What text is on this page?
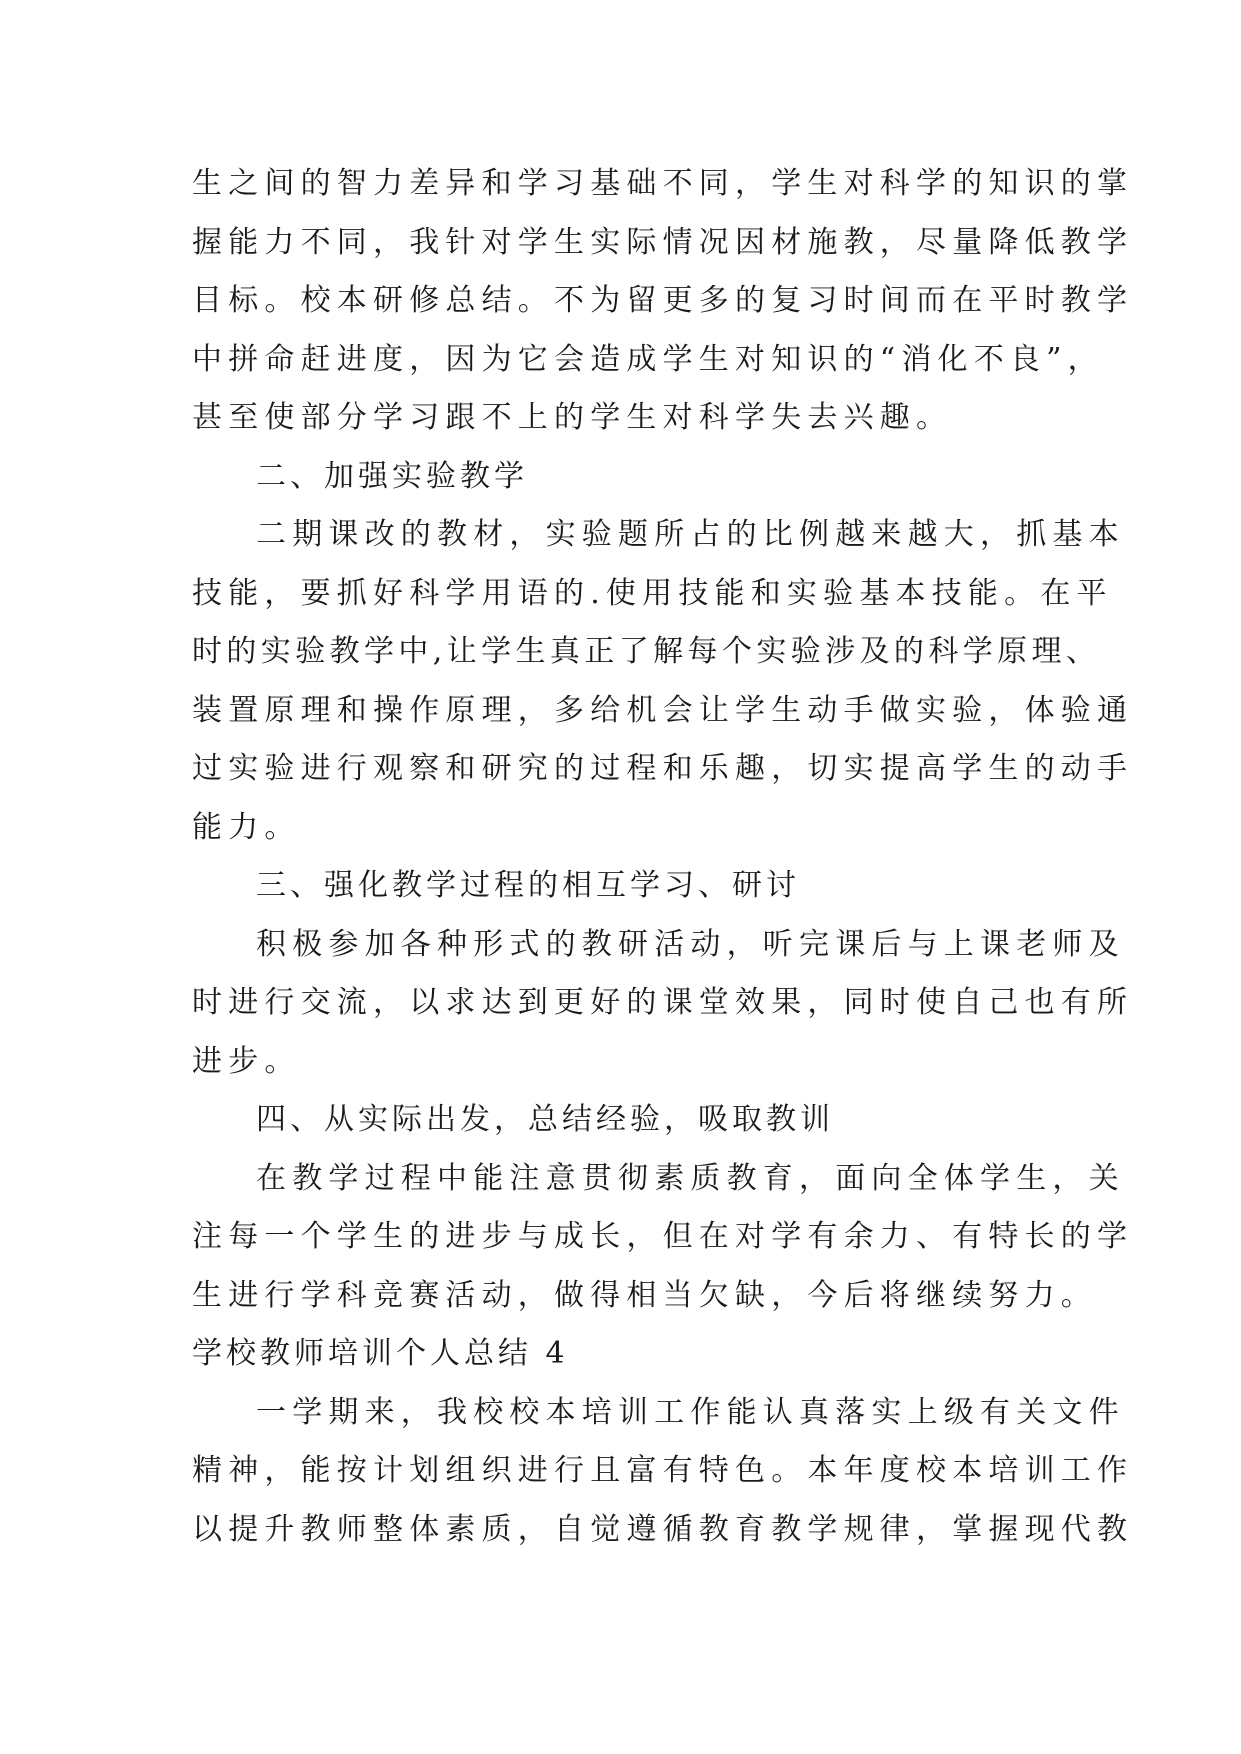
生之间的智力差异和学习基础不同，学生对科学的知识的掌
握能力不同，我针对学生实际情况因材施教，尽量降低教学
目标。校本研修总结。不为留更多的复习时间而在平时教学
中拼命赶进度，因为它会造成学生对知识的“消化不良”，
甚至使部分学习跟不上的学生对科学失去兴趣。
二、加强实验教学
二期课改的教材，实验题所占的比例越来越大，抓基本
技能，要抓好科学用语的.使用技能和实验基本技能。在平
时的实验教学中,让学生真正了解每个实验涉及的科学原理、
装置原理和操作原理，多给机会让学生动手做实验，体验通
过实验进行观察和研究的过程和乐趣，切实提高学生的动手
能力。
三、强化教学过程的相互学习、研讨
积极参加各种形式的教研活动，听完课后与上课老师及
时进行交流，以求达到更好的课堂效果，同时使自己也有所
进步。
四、从实际出发，总结经验，吸取教训
在教学过程中能注意贯彻素质教育，面向全体学生，关
注每一个学生的进步与成长，但在对学有余力、有特长的学
生进行学科竞赛活动，做得相当欠缺，今后将继续努力。
学校教师培训个人总结 4
一学期来，我校校本培训工作能认真落实上级有关文件
精神，能按计划组织进行且富有特色。本年度校本培训工作
以提升教师整体素质，自觉遵循教育教学规律，掌握现代教
